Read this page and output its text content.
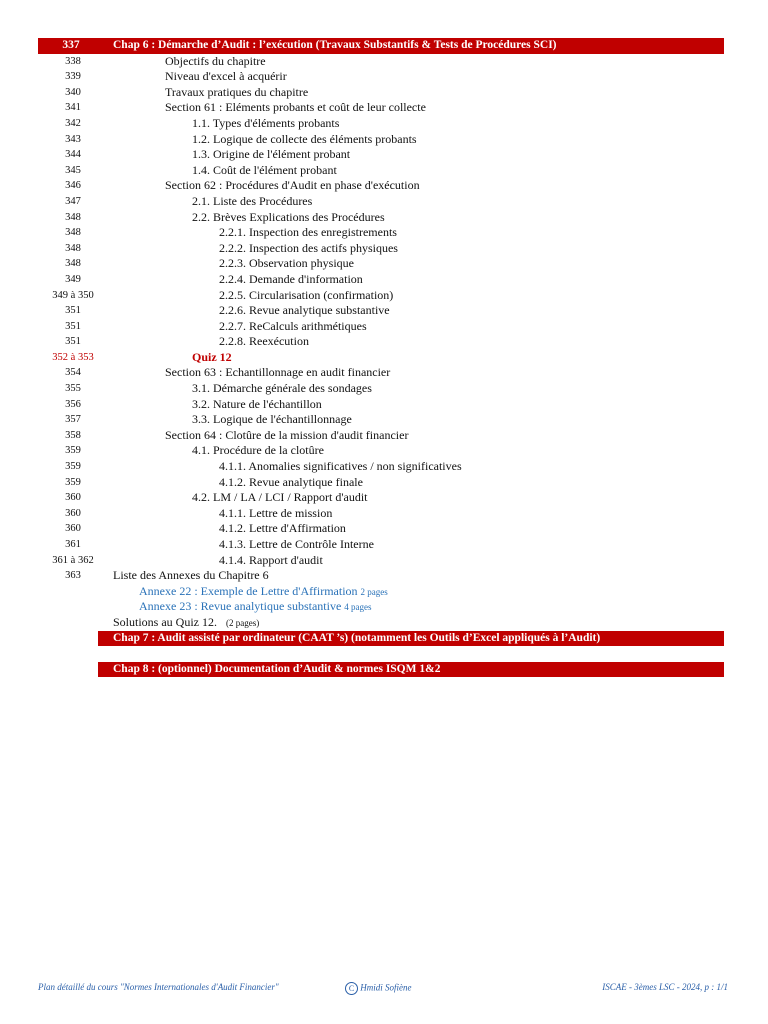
337	Chap 6 : Démarche d’Audit : l’exécution (Travaux Substantifs & Tests de Procédures SCI)
338	Objectifs du chapitre
339	Niveau d'excel à acquérir
340	Travaux pratiques du chapitre
341	Section 61 : Eléments probants et coût de leur collecte
342	1.1. Types d'éléments probants
343	1.2. Logique de collecte des éléments probants
344	1.3. Origine de l'élément probant
345	1.4. Coût de l'élément probant
346	Section 62 : Procédures d'Audit en phase d'exécution
347	2.1. Liste des Procédures
348	2.2. Brèves Explications des Procédures
348	2.2.1. Inspection des enregistrements
348	2.2.2. Inspection des actifs physiques
348	2.2.3. Observation physique
349	2.2.4. Demande d'information
349 à 350	2.2.5. Circularisation (confirmation)
351	2.2.6. Revue analytique substantive
351	2.2.7. ReCalculs arithmétiques
351	2.2.8. Reexécution
352 à 353	Quiz 12
354	Section 63 : Echantillonnage en audit financier
355	3.1. Démarche générale des sondages
356	3.2. Nature de l'échantillon
357	3.3. Logique de l'échantillonnage
358	Section 64 : Clotûre de la mission d'audit financier
359	4.1. Procédure de la clotûre
359	4.1.1. Anomalies significatives / non significatives
359	4.1.2. Revue analytique finale
360	4.2. LM / LA / LCI / Rapport d'audit
360	4.1.1. Lettre de mission
360	4.1.2. Lettre d'Affirmation
361	4.1.3. Lettre de Contrôle Interne
361 à 362	4.1.4. Rapport d'audit
363	Liste des Annexes du Chapitre 6
Annexe 22 : Exemple de Lettre d'Affirmation 2 pages
Annexe 23 : Revue analytique substantive 4 pages
Solutions au Quiz 12. (2 pages)
Chap 7 : Audit assisté par ordinateur (CAAT ’s) (notamment les Outils d’Excel appliqués à l’Audit)
Chap 8 : (optionnel) Documentation d’Audit & normes ISQM 1&2
Plan détaillé du cours "Normes Internationales d'Audit Financier"	C Hmidi Sofiène	ISCAE - 3èmes LSC - 2024, p : 1/1
